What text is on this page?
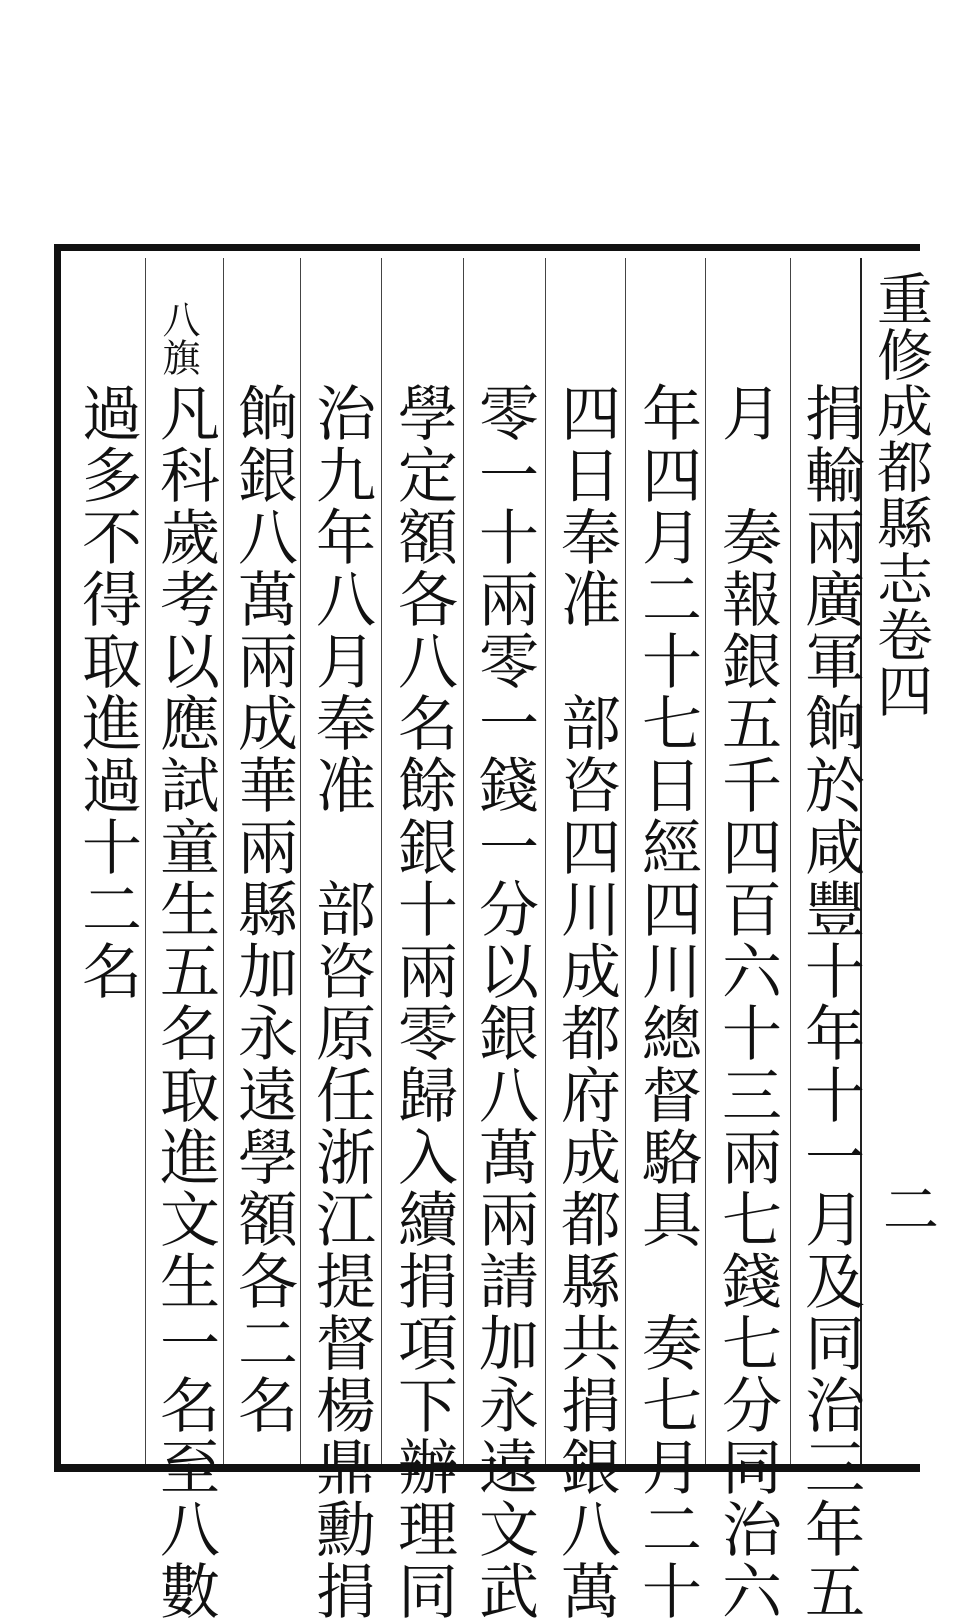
重修成都縣志卷四
二
捐輸兩廣軍餉於咸豐十年十一月及同治三年五
月　奏報銀五千四百六十三兩七錢七分同治六
年四月二十七日經四川總督駱具　奏七月二十
四日奉准　部咨四川成都府成都縣共捐銀八萬
零一十兩零一錢一分以銀八萬兩請加永遠文武
學定額各八名餘銀十兩零歸入續捐項下辦理同
治九年八月奉准　部咨原任浙江提督楊鼎勳捐
餉銀八萬兩成華兩縣加永遠學額各二名
凡科歲考以應試童生五名取進文生一名至八數
過多不得取進過十二名
八旗
